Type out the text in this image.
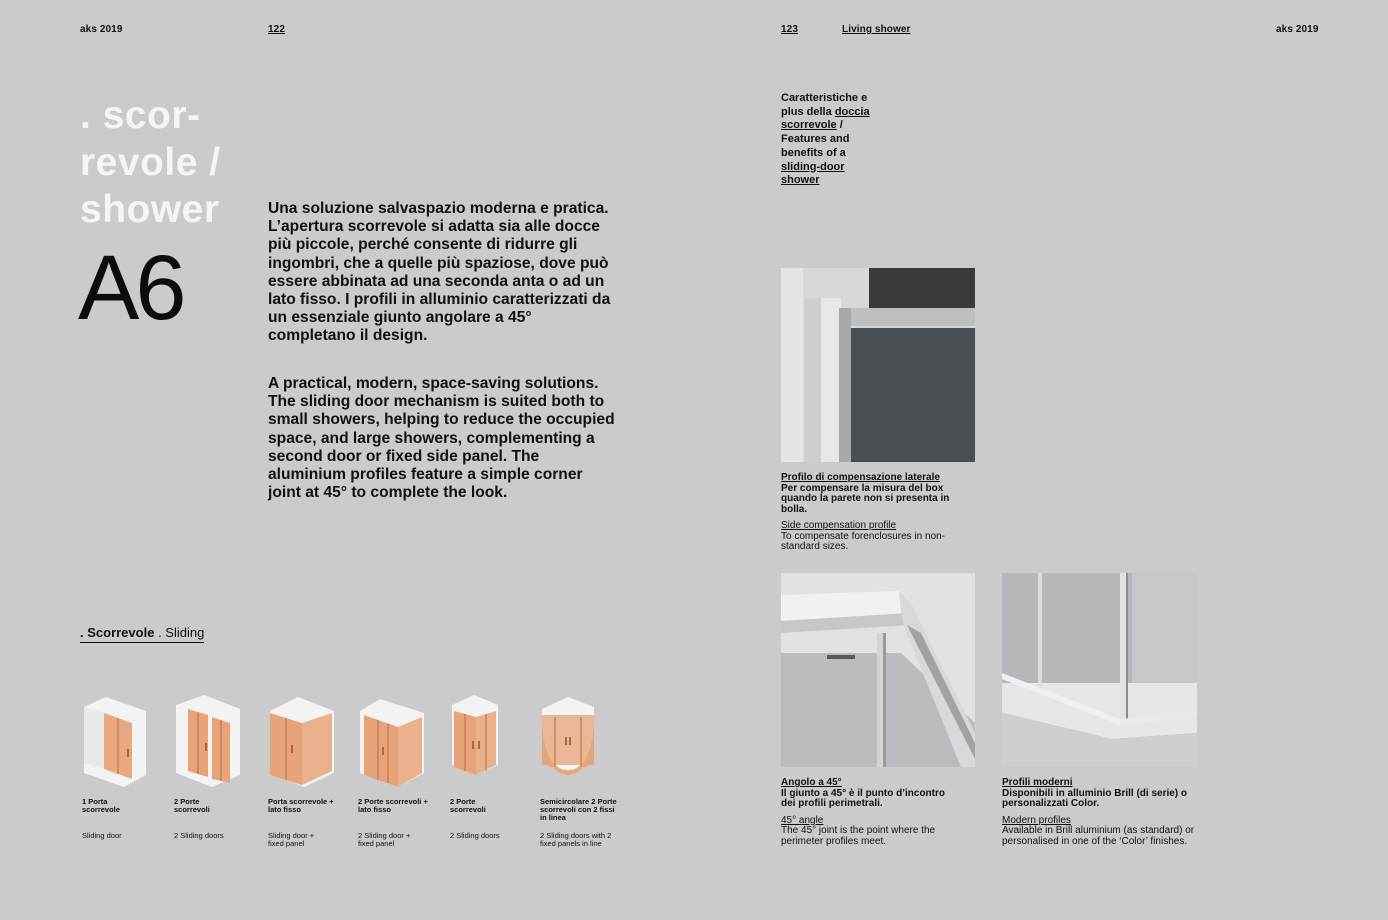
aks 2019	122	123	Living shower	aks 2019
. scor-
revole /
shower
A6
Una soluzione salvaspazio moderna e pratica. L’apertura scorrevole si adatta sia alle docce più piccole, perché consente di ridurre gli ingombri, che a quelle più spaziose, dove può essere abbinata ad una seconda anta o ad un lato fisso. I profili in alluminio caratterizzati da un essenziale giunto angolare a 45° completano il design.
A practical, modern, space-saving solutions. The sliding door mechanism is suited both to small showers, helping to reduce the occupied space, and large showers, complementing a second door or fixed side panel. The aluminium profiles feature a simple corner joint at 45° to complete the look.
Caratteristiche e plus della doccia scorrevole / Features and benefits of a sliding-door shower
. Scorrevole . Sliding
1 Porta scorrevole
Sliding door
2 Porte scorrevoli
2 Sliding doors
Porta scorrevole + lato fisso
Sliding door + fixed panel
2 Porte scorrevoli + lato fisso
2 Sliding door + fixed panel
2 Porte scorrevoli
2 Sliding doors
Semicircolare 2 Porte scorrevoli con 2 fissi in linea
2 Sliding doors with 2 fixed panels in line
Profilo di compensazione laterale
Per compensare la misura del box quando la parete non si presenta in bolla.
Side compensation profile
To compensate forenclosures in non-standard sizes.
Angolo a 45°
Il giunto a 45° è il punto d’incontro dei profili perimetrali.
45° angle
The 45° joint is the point where the perimeter profiles meet.
Profili moderni
Disponibili in alluminio Brill (di serie) o personalizzati Color.
Modern profiles
Available in Brill aluminium (as standard) or personalised in one of the ‘Color’ finishes.
